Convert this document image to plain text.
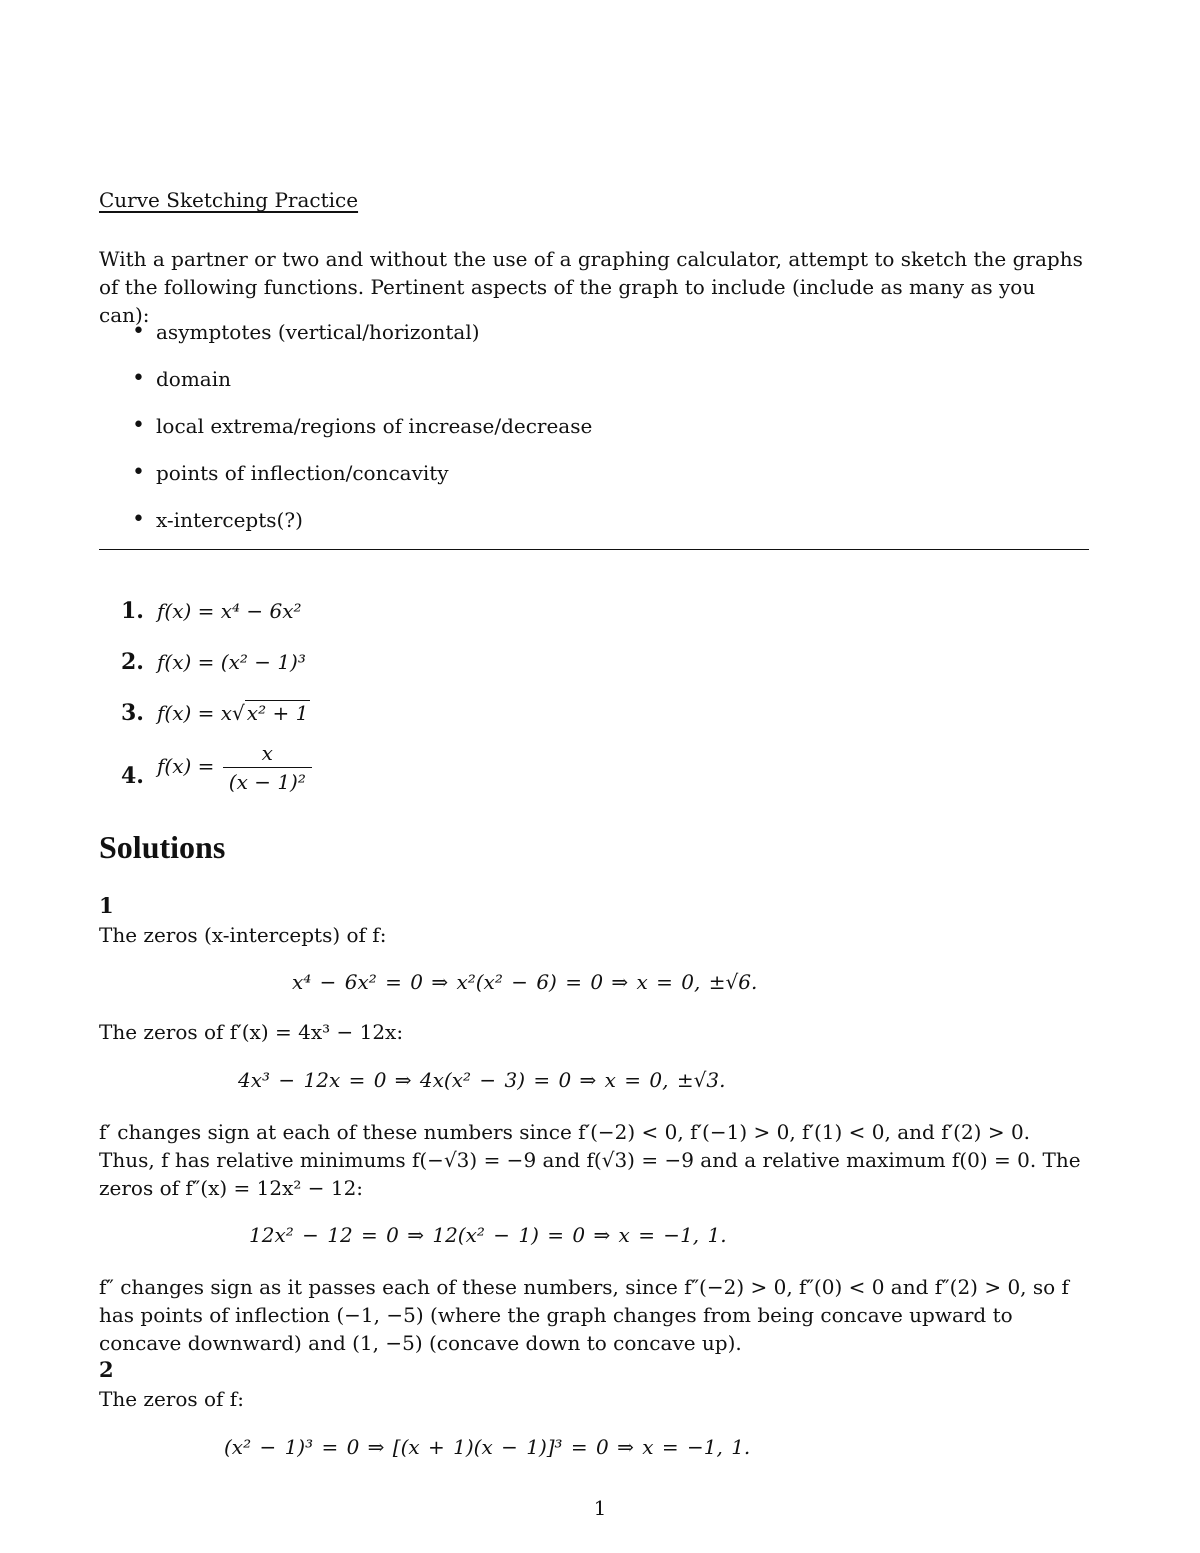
Curve Sketching Practice
With a partner or two and without the use of a graphing calculator, attempt to sketch the graphs of the following functions. Pertinent aspects of the graph to include (include as many as you can):
• asymptotes (vertical/horizontal)
• domain
• local extrema/regions of increase/decrease
• points of inflection/concavity
• x-intercepts(?)
1. f(x) = x⁴ − 6x²
2. f(x) = (x² − 1)³
3. f(x) = x√ x² + 1
4. $f(x) = \frac{x}{\text{(x − 1)²}}$
Solutions
1
The zeros (x-intercepts) of f:
x⁴ − 6x² = 0 ⇒ x²(x² − 6) = 0 ⇒ x = 0, ±√6.
The zeros of f′(x) = 4x³ − 12x:
4x³ − 12x = 0 ⇒ 4x(x² − 3) = 0 ⇒ x = 0, ±√3.
f′ changes sign at each of these numbers since f′(−2) < 0, f′(−1) > 0, f′(1) < 0, and f′(2) > 0. Thus, f has relative minimums f(−√3) = −9 and f(√3) = −9 and a relative maximum f(0) = 0. The zeros of f″(x) = 12x² − 12:
12x² − 12 = 0 ⇒ 12(x² − 1) = 0 ⇒ x = −1, 1.
f″ changes sign as it passes each of these numbers, since f″(−2) > 0, f″(0) < 0 and f″(2) > 0, so f has points of inflection (−1, −5) (where the graph changes from being concave upward to concave downward) and (1, −5) (concave down to concave up).
2
The zeros of f:
(x² − 1)³ = 0 ⇒ [(x + 1)(x − 1)]³ = 0 ⇒ x = −1, 1.
1
